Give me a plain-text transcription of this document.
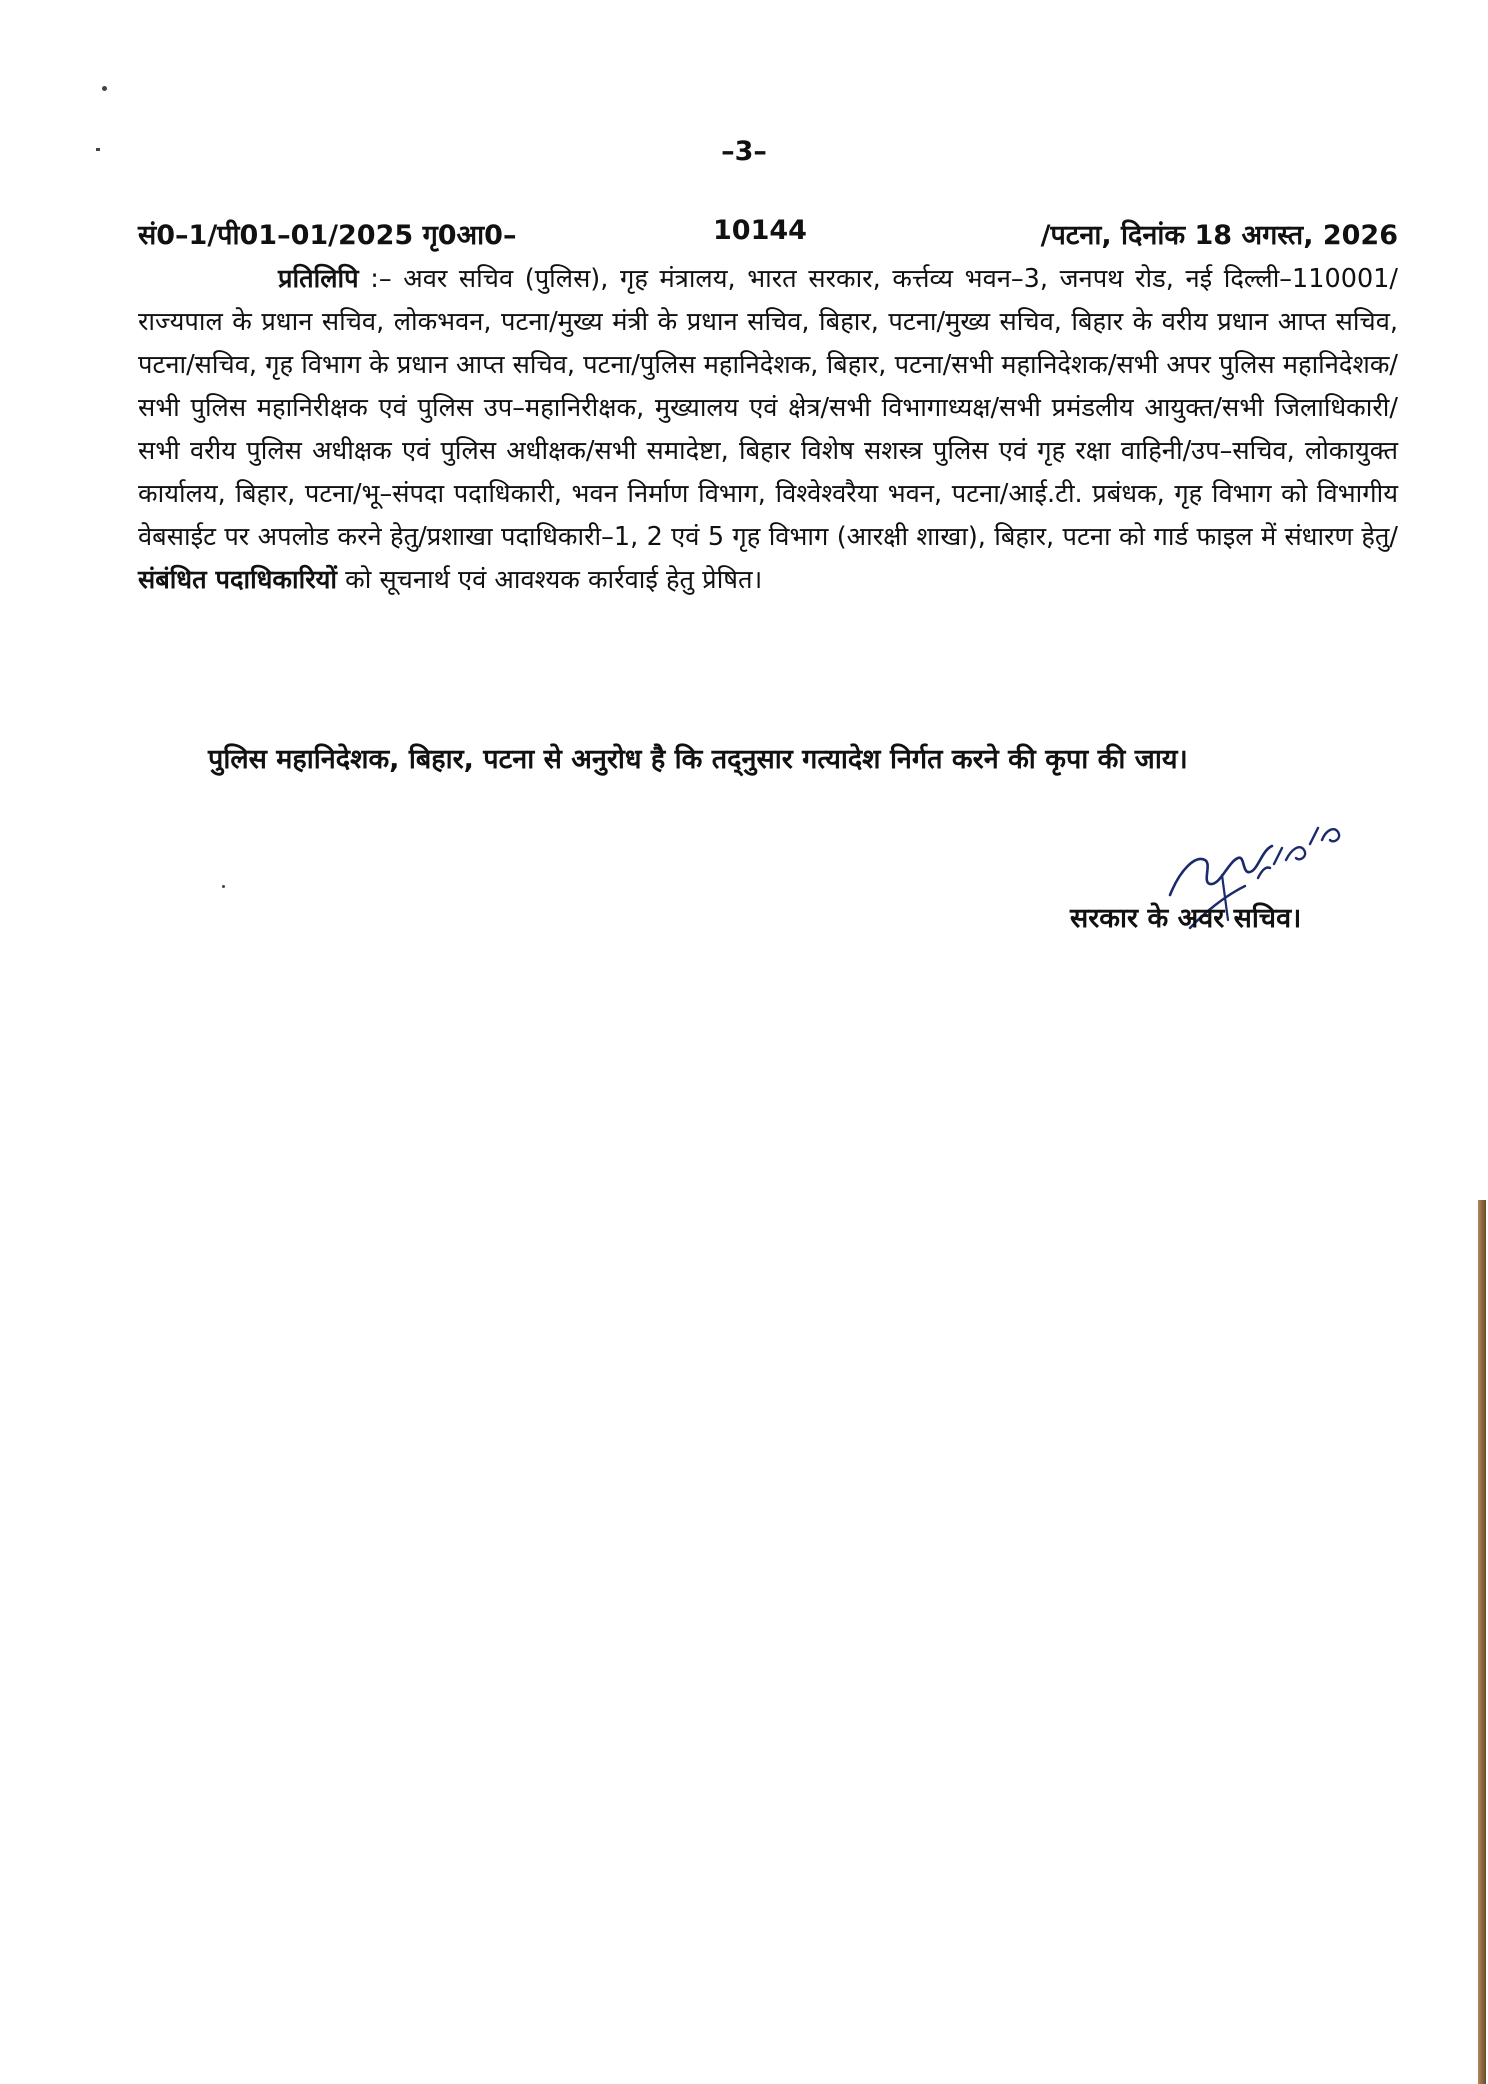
–3–
सं0–1/पी01–01/2025 गृ0आ0–	10144	/पटना, दिनांक 18 अगस्त, 2026

प्रतिलिपि :– अवर सचिव (पुलिस), गृह मंत्रालय, भारत सरकार, कर्त्तव्य भवन–3, जनपथ रोड, नई दिल्ली–110001/राज्यपाल के प्रधान सचिव, लोकभवन, पटना/मुख्य मंत्री के प्रधान सचिव, बिहार, पटना/मुख्य सचिव, बिहार के वरीय प्रधान आप्त सचिव, पटना/सचिव, गृह विभाग के प्रधान आप्त सचिव, पटना/पुलिस महानिदेशक, बिहार, पटना/सभी महानिदेशक/सभी अपर पुलिस महानिदेशक/सभी पुलिस महानिरीक्षक एवं पुलिस उप–महानिरीक्षक, मुख्यालय एवं क्षेत्र/सभी विभागाध्यक्ष/सभी प्रमंडलीय आयुक्त/सभी जिलाधिकारी/सभी वरीय पुलिस अधीक्षक एवं पुलिस अधीक्षक/सभी समादेष्टा, बिहार विशेष सशस्त्र पुलिस एवं गृह रक्षा वाहिनी/उप–सचिव, लोकायुक्त कार्यालय, बिहार, पटना/भू–संपदा पदाधिकारी, भवन निर्माण विभाग, विश्वेश्वरैया भवन, पटना/आई.टी. प्रबंधक, गृह विभाग को विभागीय वेबसाईट पर अपलोड करने हेतु/प्रशाखा पदाधिकारी–1, 2 एवं 5 गृह विभाग (आरक्षी शाखा), बिहार, पटना को गार्ड फाइल में संधारण हेतु/ संबंधित पदाधिकारियों को सूचनार्थ एवं आवश्यक कार्रवाई हेतु प्रेषित।

पुलिस महानिदेशक, बिहार, पटना से अनुरोध है कि तद्नुसार गत्यादेश निर्गत करने की कृपा की जाय।

सरकार के अवर सचिव।
